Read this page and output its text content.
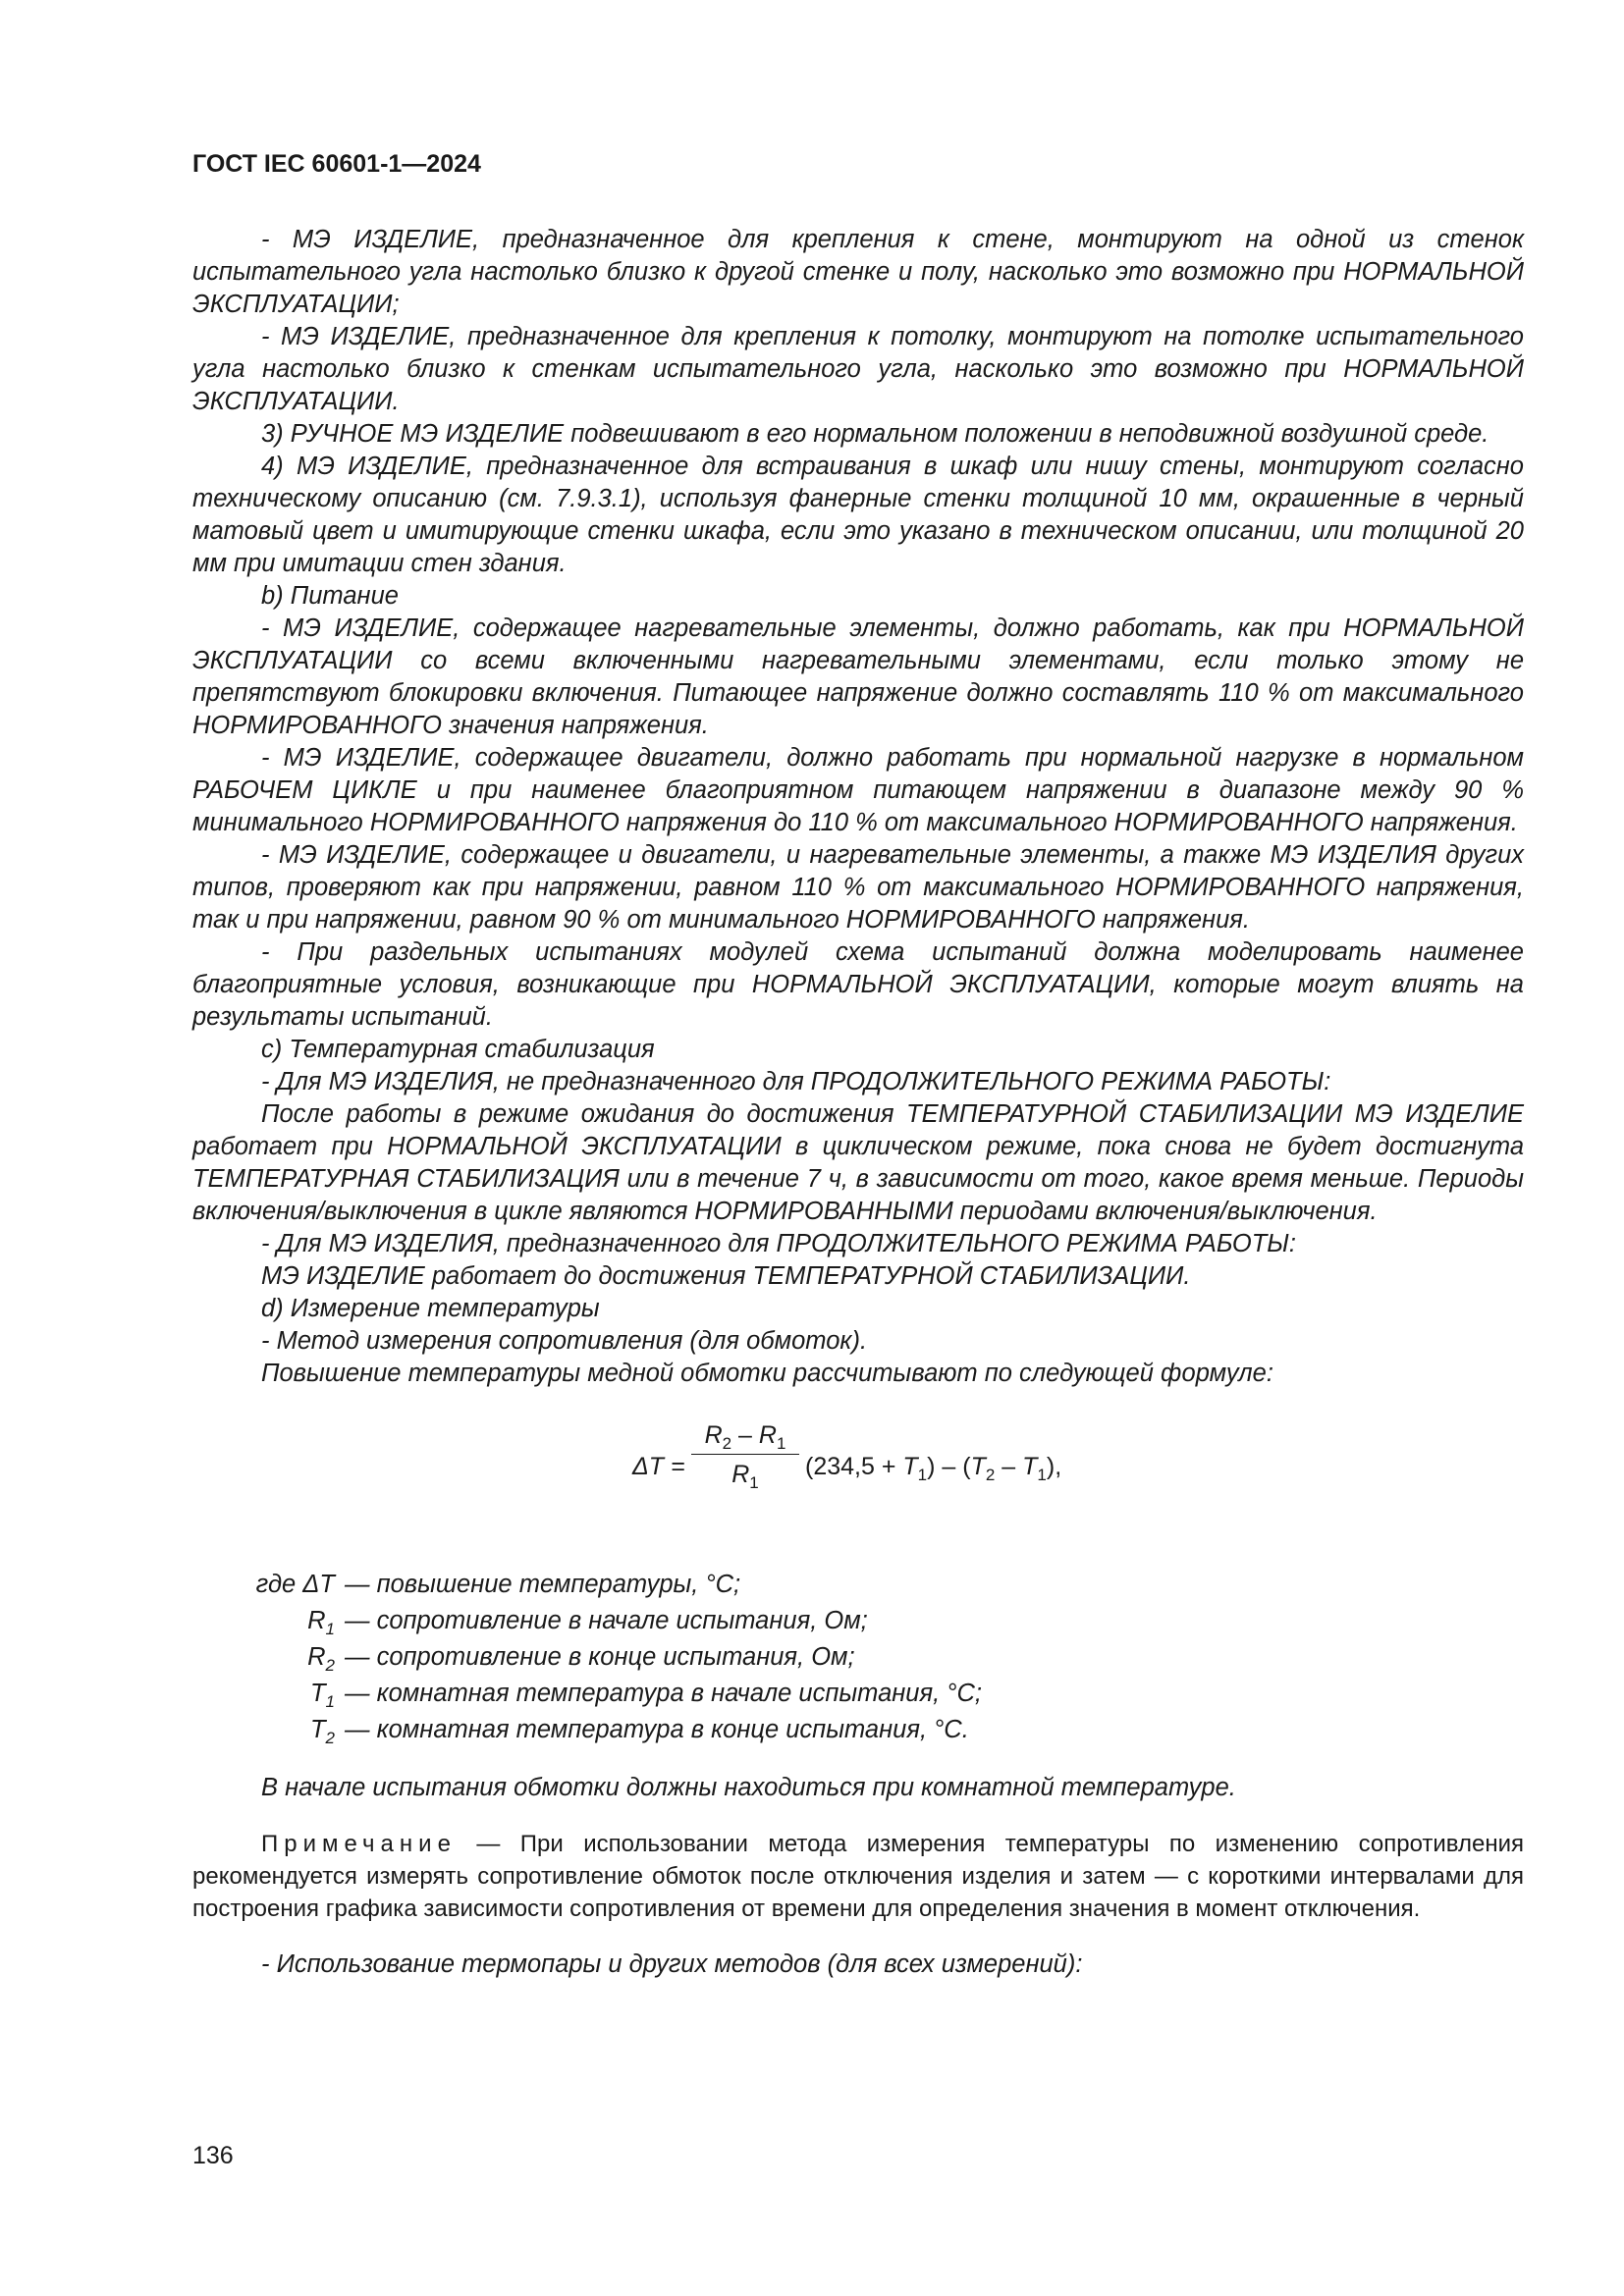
ГОСТ IEC 60601-1—2024

- МЭ ИЗДЕЛИЕ, предназначенное для крепления к стене, монтируют на одной из стенок испытательного угла настолько близко к другой стенке и полу, насколько это возможно при НОРМАЛЬНОЙ ЭКСПЛУАТАЦИИ;

- МЭ ИЗДЕЛИЕ, предназначенное для крепления к потолку, монтируют на потолке испытательного угла настолько близко к стенкам испытательного угла, насколько это возможно при НОРМАЛЬНОЙ ЭКСПЛУАТАЦИИ.

3) РУЧНОЕ МЭ ИЗДЕЛИЕ подвешивают в его нормальном положении в неподвижной воздушной среде.

4) МЭ ИЗДЕЛИЕ, предназначенное для встраивания в шкаф или нишу стены, монтируют согласно техническому описанию (см. 7.9.3.1), используя фанерные стенки толщиной 10 мм, окрашенные в черный матовый цвет и имитирующие стенки шкафа, если это указано в техническом описании, или толщиной 20 мм при имитации стен здания.

b) Питание

- МЭ ИЗДЕЛИЕ, содержащее нагревательные элементы, должно работать, как при НОРМАЛЬНОЙ ЭКСПЛУАТАЦИИ со всеми включенными нагревательными элементами, если только этому не препятствуют блокировки включения. Питающее напряжение должно составлять 110 % от максимального НОРМИРОВАННОГО значения напряжения.

- МЭ ИЗДЕЛИЕ, содержащее двигатели, должно работать при нормальной нагрузке в нормальном РАБОЧЕМ ЦИКЛЕ и при наименее благоприятном питающем напряжении в диапазоне между 90 % минимального НОРМИРОВАННОГО напряжения до 110 % от максимального НОРМИРОВАННОГО напряжения.

- МЭ ИЗДЕЛИЕ, содержащее и двигатели, и нагревательные элементы, а также МЭ ИЗДЕЛИЯ других типов, проверяют как при напряжении, равном 110 % от максимального НОРМИРОВАННОГО напряжения, так и при напряжении, равном 90 % от минимального НОРМИРОВАННОГО напряжения.

- При раздельных испытаниях модулей схема испытаний должна моделировать наименее благоприятные условия, возникающие при НОРМАЛЬНОЙ ЭКСПЛУАТАЦИИ, которые могут влиять на результаты испытаний.

c) Температурная стабилизация

- Для МЭ ИЗДЕЛИЯ, не предназначенного для ПРОДОЛЖИТЕЛЬНОГО РЕЖИМА РАБОТЫ:

После работы в режиме ожидания до достижения ТЕМПЕРАТУРНОЙ СТАБИЛИЗАЦИИ МЭ ИЗДЕЛИЕ работает при НОРМАЛЬНОЙ ЭКСПЛУАТАЦИИ в циклическом режиме, пока снова не будет достигнута ТЕМПЕРАТУРНАЯ СТАБИЛИЗАЦИЯ или в течение 7 ч, в зависимости от того, какое время меньше. Периоды включения/выключения в цикле являются НОРМИРОВАННЫМИ периодами включения/выключения.

- Для МЭ ИЗДЕЛИЯ, предназначенного для ПРОДОЛЖИТЕЛЬНОГО РЕЖИМА РАБОТЫ:

МЭ ИЗДЕЛИЕ работает до достижения ТЕМПЕРАТУРНОЙ СТАБИЛИЗАЦИИ.

d) Измерение температуры

- Метод измерения сопротивления (для обмоток).

Повышение температуры медной обмотки рассчитывают по следующей формуле:

ΔT =
$R_2 - R_1$
$R_1$
$(234,5 + T_1) - (T_2 - T_1)$,
где ΔT — повышение температуры, °C;
$R_1$ — сопротивление в начале испытания, Ом;
$R_2$ — сопротивление в конце испытания, Ом;
$T_1$ — комнатная температура в начале испытания, °C;
$T_2$ — комнатная температура в конце испытания, °C.

В начале испытания обмотки должны находиться при комнатной температуре.

Примечание — При использовании метода измерения температуры по изменению сопротивления рекомендуется измерять сопротивление обмоток после отключения изделия и затем — с короткими интервалами для построения графика зависимости сопротивления от времени для определения значения в момент отключения.

- Использование термопары и других методов (для всех измерений):

136
